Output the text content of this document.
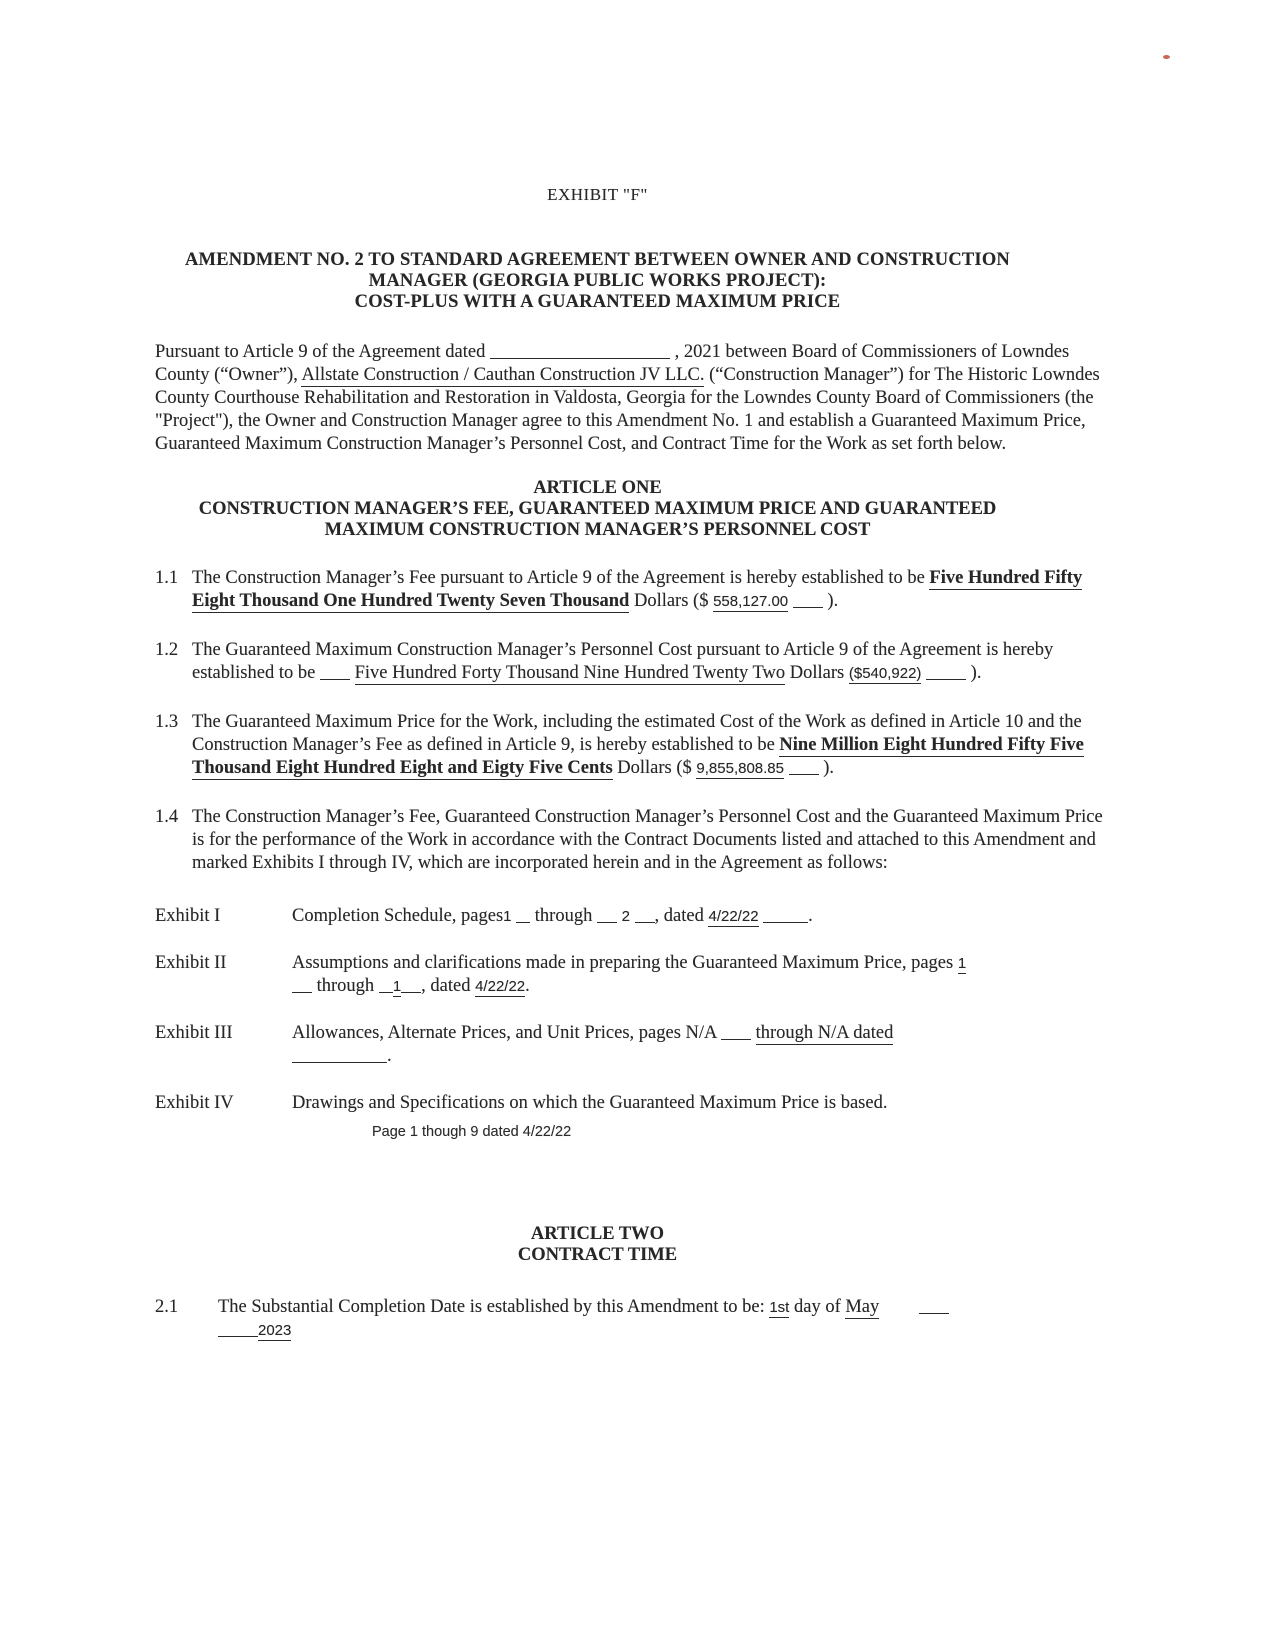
EXHIBIT "F"
AMENDMENT NO. 2 TO STANDARD AGREEMENT BETWEEN OWNER AND CONSTRUCTION
MANAGER (GEORGIA PUBLIC WORKS PROJECT):
COST-PLUS WITH A GUARANTEED MAXIMUM PRICE

Pursuant to Article 9 of the Agreement dated	, 2021 between Board of Commissioners of Lowndes County (“Owner”), Allstate Construction / Cauthan Construction JV LLC. (“Construction Manager”) for The Historic Lowndes County Courthouse Rehabilitation and Restoration in Valdosta, Georgia for the Lowndes County Board of Commissioners (the "Project"), the Owner and Construction Manager agree to this Amendment No. 1 and establish a Guaranteed Maximum Price, Guaranteed Maximum Construction Manager’s Personnel Cost, and Contract Time for the Work as set forth below.

ARTICLE ONE
CONSTRUCTION MANAGER’S FEE, GUARANTEED MAXIMUM PRICE AND GUARANTEED
MAXIMUM CONSTRUCTION MANAGER’S PERSONNEL COST
1.1 The Construction Manager’s Fee pursuant to Article 9 of the Agreement is hereby established to be Five Hundred Fifty Eight Thousand One Hundred Twenty Seven Thousand Dollars ($ 558,127.00 ).
1.2 The Guaranteed Maximum Construction Manager’s Personnel Cost pursuant to Article 9 of the Agreement is hereby established to be Five Hundred Forty Thousand Nine Hundred Twenty Two Dollars ($540,922)	).
1.3 The Guaranteed Maximum Price for the Work, including the estimated Cost of the Work as defined in Article 10 and the Construction Manager’s Fee as defined in Article 9, is hereby established to be Nine Million Eight Hundred Fifty Five Thousand Eight Hundred Eight and Eigty Five Cents Dollars ($ 9,855,808.85 ).
1.4 The Construction Manager’s Fee, Guaranteed Construction Manager’s Personnel Cost and the Guaranteed Maximum Price is for the performance of the Work in accordance with the Contract Documents listed and attached to this Amendment and marked Exhibits I through IV, which are incorporated herein and in the Agreement as follows:
Exhibit I	Completion Schedule, pages1 through 2 , dated 4/22/22	.
Exhibit II	Assumptions and clarifications made in preparing the Guaranteed Maximum Price, pages 1
through 1 , dated 4/22/22.
Exhibit III	Allowances, Alternate Prices, and Unit Prices, pages N/A through N/A dated
.
Exhibit IV	Drawings and Specifications on which the Guaranteed Maximum Price is based.
Page 1 though 9 dated 4/22/22
ARTICLE TWO
CONTRACT TIME
2.1	The Substantial Completion Date is established by this Amendment to be: 1st day of May
2023
